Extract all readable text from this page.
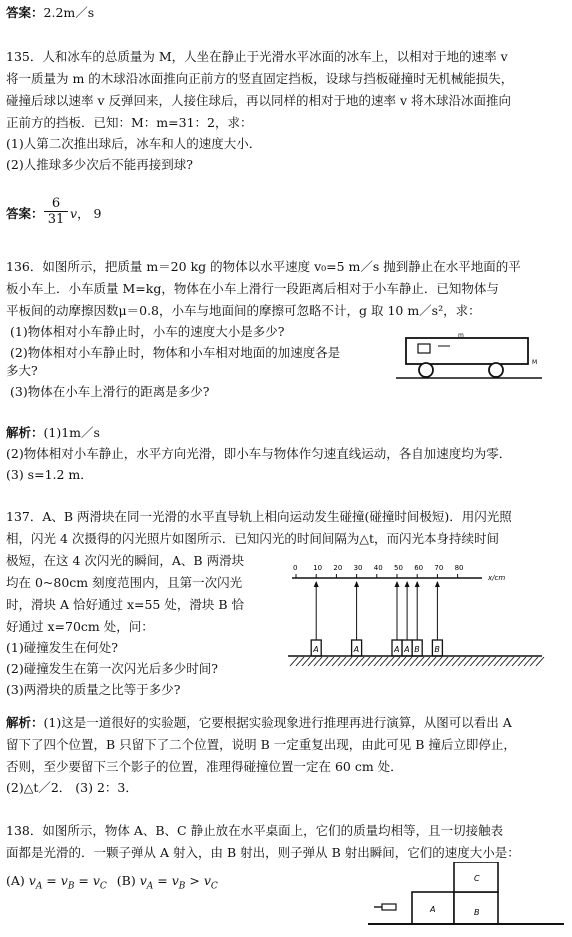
答案：2.2m／s
135．人和冰车的总质量为 M，人坐在静止于光滑水平冰面的冰车上，以相对于地的速率 v
将一质量为 m 的木球沿冰面推向正前方的竖直固定挡板，设球与挡板碰撞时无机械能损失，
碰撞后球以速率 v 反弹回来，人接住球后，再以同样的相对于地的速率 v 将木球沿冰面推向
正前方的挡板．已知：M：m=31：2，求：
(1)人第二次推出球后，冰车和人的速度大小．
(2)人推球多少次后不能再接到球?
答案： $\frac{6}{31}$ v， 9
136．如图所示，把质量 m＝20 kg 的物体以水平速度 v₀=5 m／s 抛到静止在水平地面的平
板小车上．小车质量 M=kg，物体在小车上滑行一段距离后相对于小车静止．已知物体与
平板间的动摩擦因数μ＝0.8，小车与地面间的摩擦可忽略不计，g 取 10 m／s²，求：
(1)物体相对小车静止时，小车的速度大小是多少?
(2)物体相对小车静止时，物体和小车相对地面的加速度各是
多大?
(3)物体在小车上滑行的距离是多少?
m
M
解析：(1)1m／s
(2)物体相对小车静止，水平方向光滑，即小车与物体作匀速直线运动，各自加速度均为零．
(3) s=1.2 m．
137．A、B 两滑块在同一光滑的水平直导轨上相向运动发生碰撞(碰撞时间极短)．用闪光照
相，闪光 4 次摄得的闪光照片如图所示．已知闪光的时间间隔为△t，而闪光本身持续时间
极短，在这 4 次闪光的瞬间，A、B 两滑块
均在 0~80cm 刻度范围内，且第一次闪光
时，滑块 A 恰好通过 x=55 处，滑块 B 恰
好通过 x=70cm 处，问：
(1)碰撞发生在何处?
(2)碰撞发生在第一次闪光后多少时间?
(3)两滑块的质量之比等于多少?
0 10 20 30 40 50 60 70 80
x/cm
A	A	A A B B
解析：(1)这是一道很好的实验题，它要根据实验现象进行推理再进行演算，从图可以看出 A
留下了四个位置，B 只留下了二个位置，说明 B 一定重复出现，由此可见 B 撞后立即停止，
否则，至少要留下三个影子的位置，准理得碰撞位置一定在 60 cm 处．
(2)△t／2． (3) 2：3．
138．如图所示，物体 A、B、C 静止放在水平桌面上，它们的质量均相等，且一切接触表
面都是光滑的．一颗子弹从 A 射入，由 B 射出，则子弹从 B 射出瞬间，它们的速度大小是：
(A) $v_A = v_B = v_C$ (B) $v_A = v_B > v_C$
A	B
C
